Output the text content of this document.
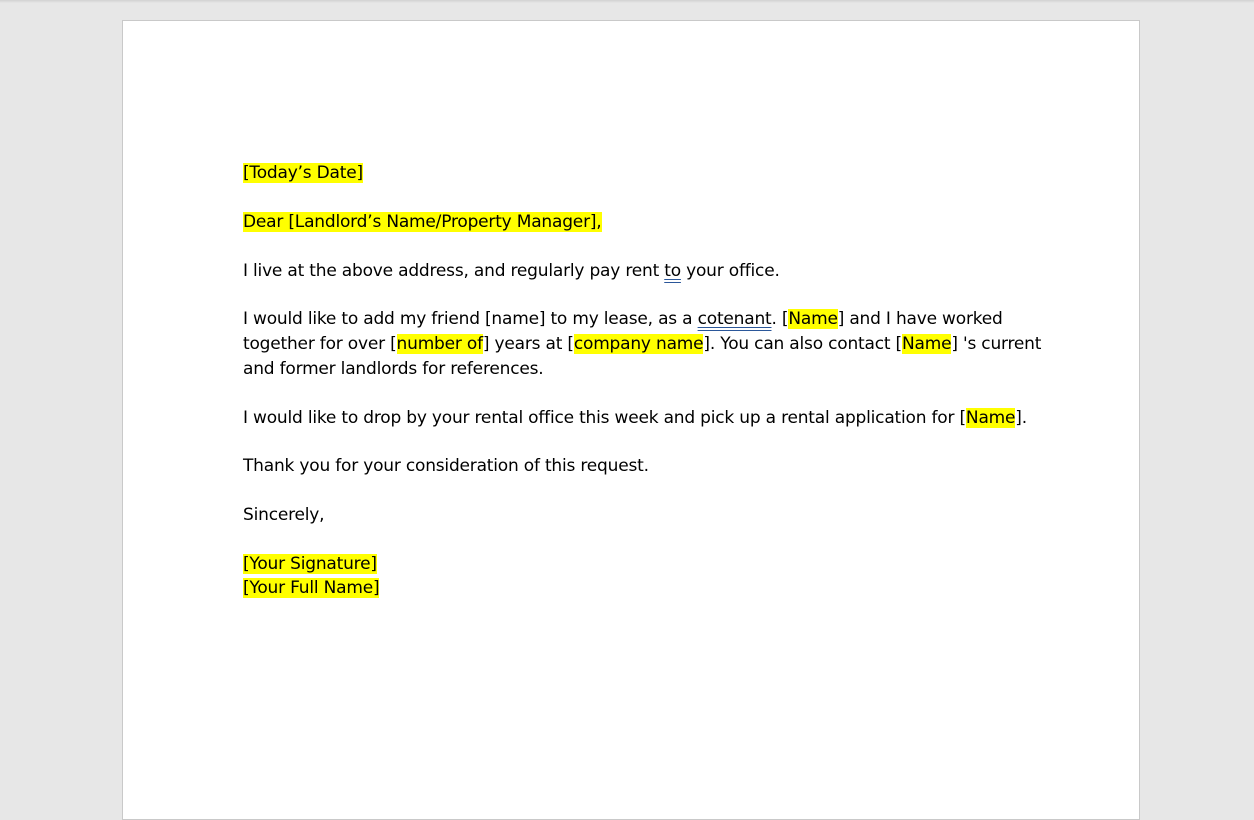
[Today’s Date]

Dear [Landlord’s Name/Property Manager],

I live at the above address, and regularly pay rent to your office.

I would like to add my friend [name] to my lease, as a cotenant. [Name] and I have worked

together for over [number of] years at [company name]. You can also contact [Name] 's current

and former landlords for references.

I would like to drop by your rental office this week and pick up a rental application for [Name].

Thank you for your consideration of this request.

Sincerely,

[Your Signature]

[Your Full Name]
